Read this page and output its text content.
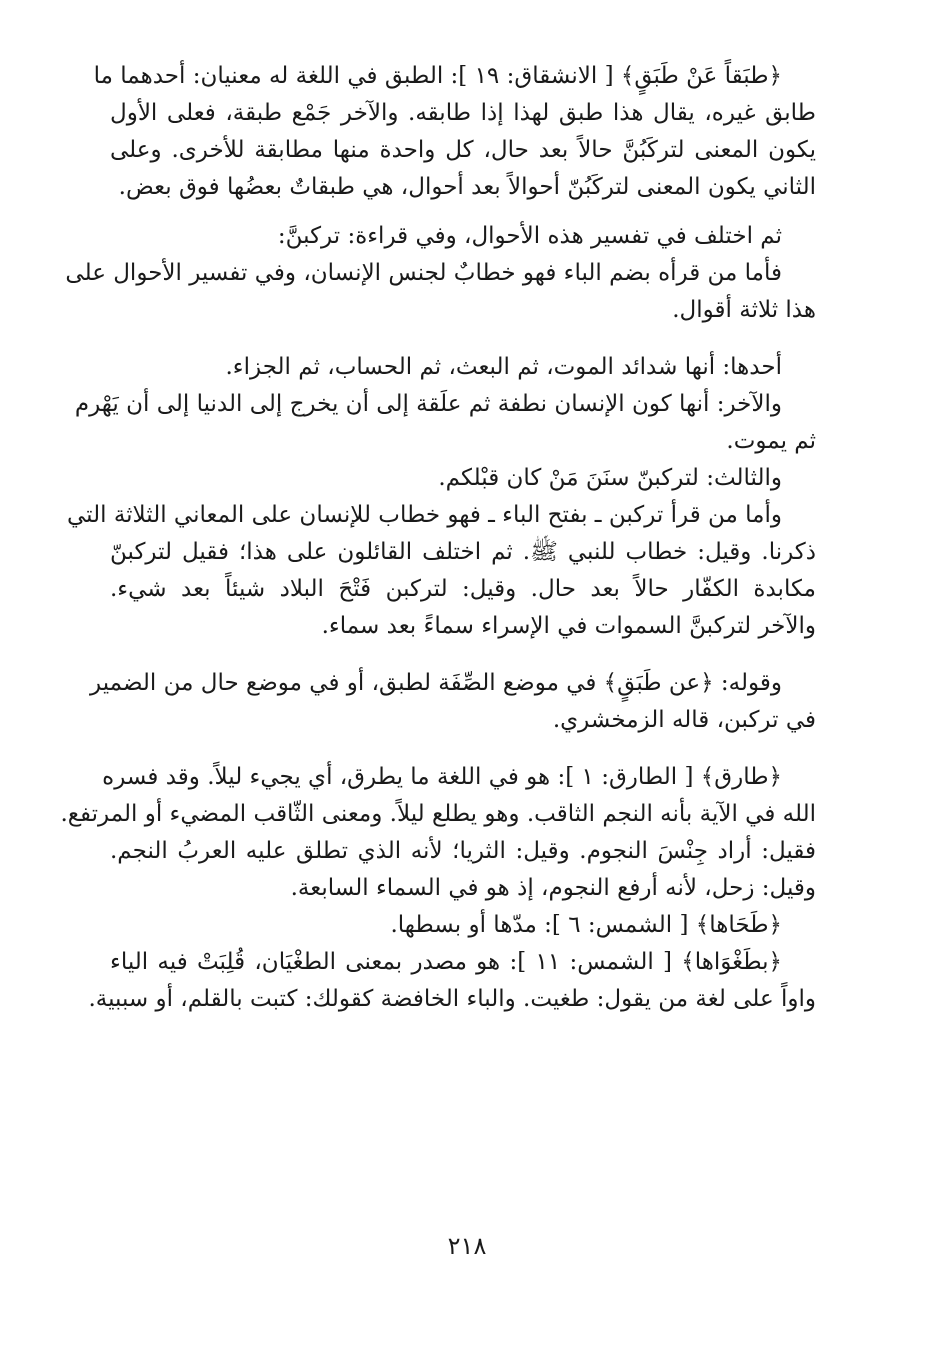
﴿طبَقاً عَنْ طَبَقٍ﴾ [ الانشقاق: ١٩ ]: الطبق في اللغة له معنيان: أحدهما ما
طابق غيره، يقال هذا طبق لهذا إذا طابقه. والآخر جَمْع طبقة، فعلى الأول
يكون المعنى لتركَبُنَّ حالاً بعد حال، كل واحدة منها مطابقة للأخرى. وعلى
الثاني يكون المعنى لتركَبُنّ أحوالاً بعد أحوال، هي طبقاتٌ بعضُها فوق بعض.
ثم اختلف في تفسير هذه الأحوال، وفي قراءة: تركبنَّ:
فأما من قرأه بضم الباء فهو خطابٌ لجنس الإنسان، وفي تفسير الأحوال على
هذا ثلاثة أقوال.
أحدها: أنها شدائد الموت، ثم البعث، ثم الحساب، ثم الجزاء.
والآخر: أنها كون الإنسان نطفة ثم علَقة إلى أن يخرج إلى الدنيا إلى أن يَهْرم
ثم يموت.
والثالث: لتركبنّ سنَنَ مَنْ كان قبْلكم.
وأما من قرأ تركبن ـ بفتح الباء ـ فهو خطاب للإنسان على المعاني الثلاثة التي
ذكرنا. وقيل: خطاب للنبي ﷺ. ثم اختلف القائلون على هذا؛ فقيل لتركبنّ
مكابدة الكفّار حالاً بعد حال. وقيل: لتركبن فَتْحَ البلاد شيئاً بعد شيء.
والآخر لتركبنَّ السموات في الإسراء سماءً بعد سماء.
وقوله: ﴿عن طَبَقٍ﴾ في موضع الصِّفَة لطبق، أو في موضع حال من الضمير
في تركبن، قاله الزمخشري.
﴿طارق﴾ [ الطارق: ١ ]: هو في اللغة ما يطرق، أي يجيء ليلاً. وقد فسره
الله في الآية بأنه النجم الثاقب. وهو يطلع ليلاً. ومعنى الثّاقب المضيء أو المرتفع.
فقيل: أراد جِنْسَ النجوم. وقيل: الثريا؛ لأنه الذي تطلق عليه العربُ النجم.
وقيل: زحل، لأنه أرفع النجوم، إذ هو في السماء السابعة.
﴿طَحَاها﴾ [ الشمس: ٦ ]: مدّها أو بسطها.
﴿بطَغْوَاها﴾ [ الشمس: ١١ ]: هو مصدر بمعنى الطغْيَان، قُلِبَتْ فيه الياء
واواً على لغة من يقول: طغيت. والباء الخافضة كقولك: كتبت بالقلم، أو سببية.
٢١٨
